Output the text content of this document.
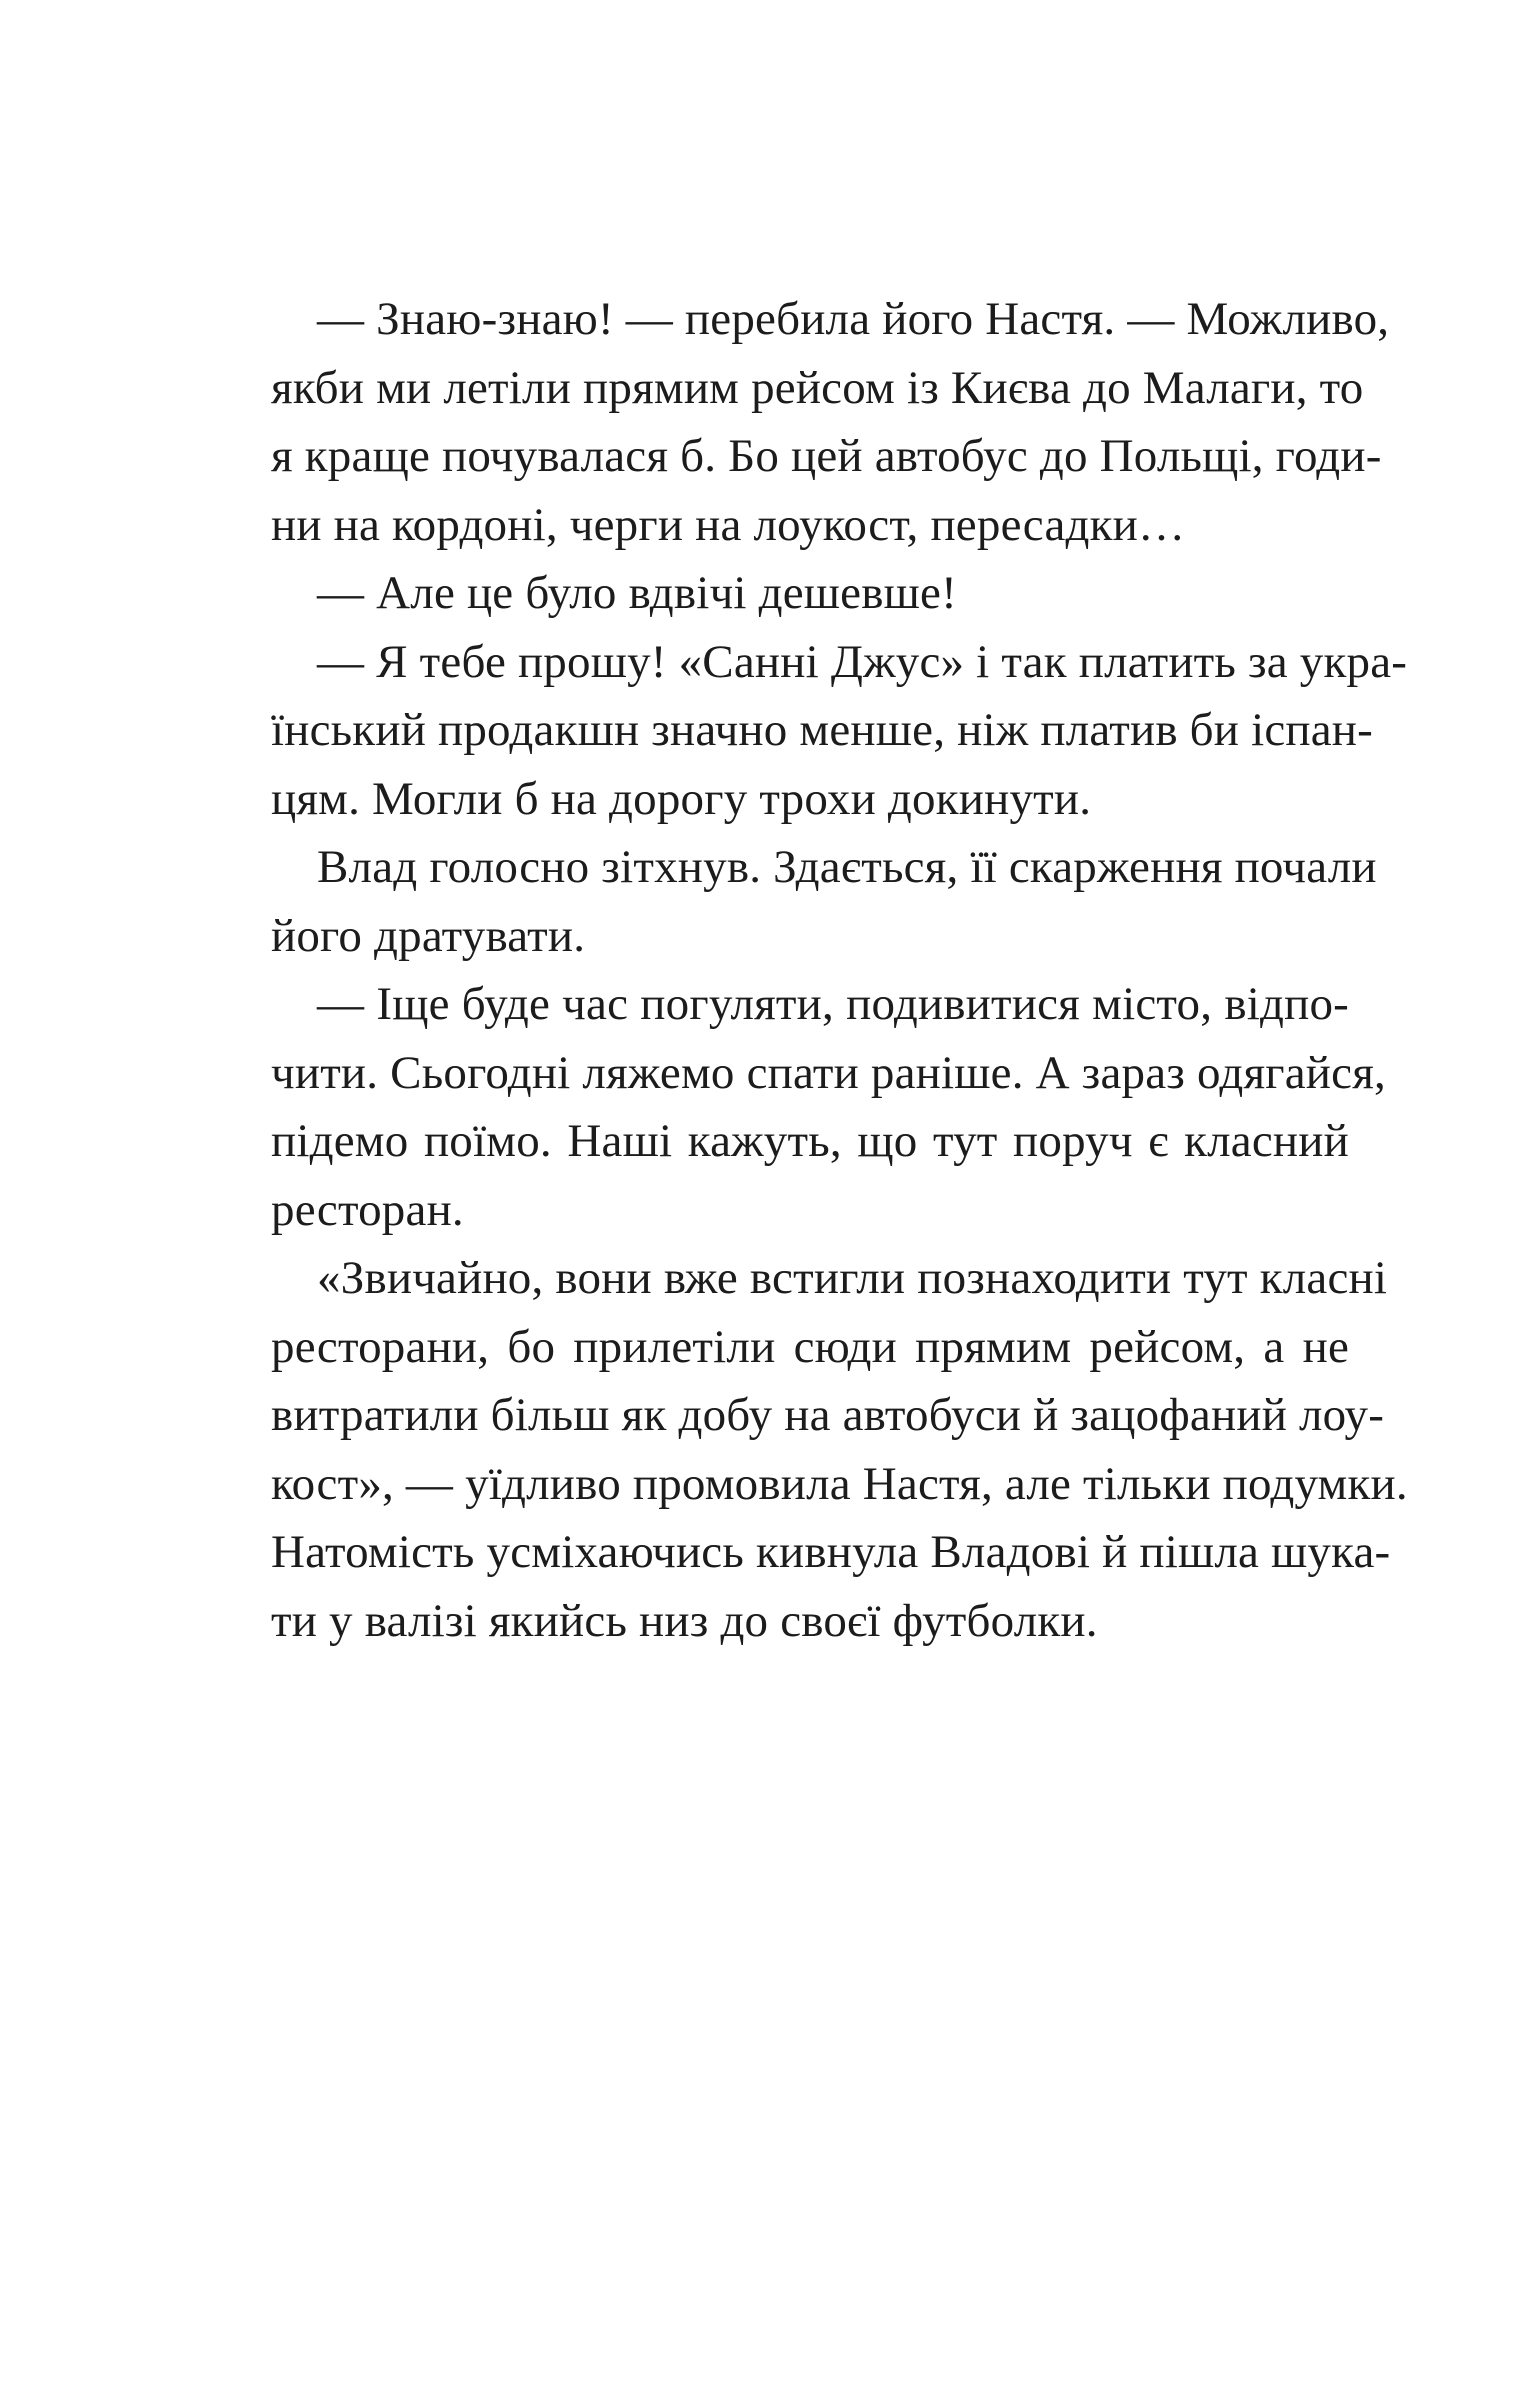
— Знаю-знаю! — перебила його Настя. — Можливо,
якби ми летіли прямим рейсом із Києва до Малаги, то
я краще почувалася б. Бо цей автобус до Польщі, годи-
ни на кордоні, черги на лоукост, пересадки…
— Але це було вдвічі дешевше!
— Я тебе прошу! «Санні Джус» і так платить за укра-
їнський продакшн значно менше, ніж платив би іспан-
цям. Могли б на дорогу трохи докинути.
Влад голосно зітхнув. Здається, її скарження почали
його дратувати.
— Іще буде час погуляти, подивитися місто, відпо-
чити. Сьогодні ляжемо спати раніше. А зараз одягайся,
підемо поїмо. Наші кажуть, що тут поруч є класний
ресторан.
«Звичайно, вони вже встигли познаходити тут класні
ресторани, бо прилетіли сюди прямим рейсом, а не
витратили більш як добу на автобуси й зацофаний лоу-
кост», — уїдливо промовила Настя, але тільки подумки.
Натомість усміхаючись кивнула Владові й пішла шука-
ти у валізі якийсь низ до своєї футболки.
